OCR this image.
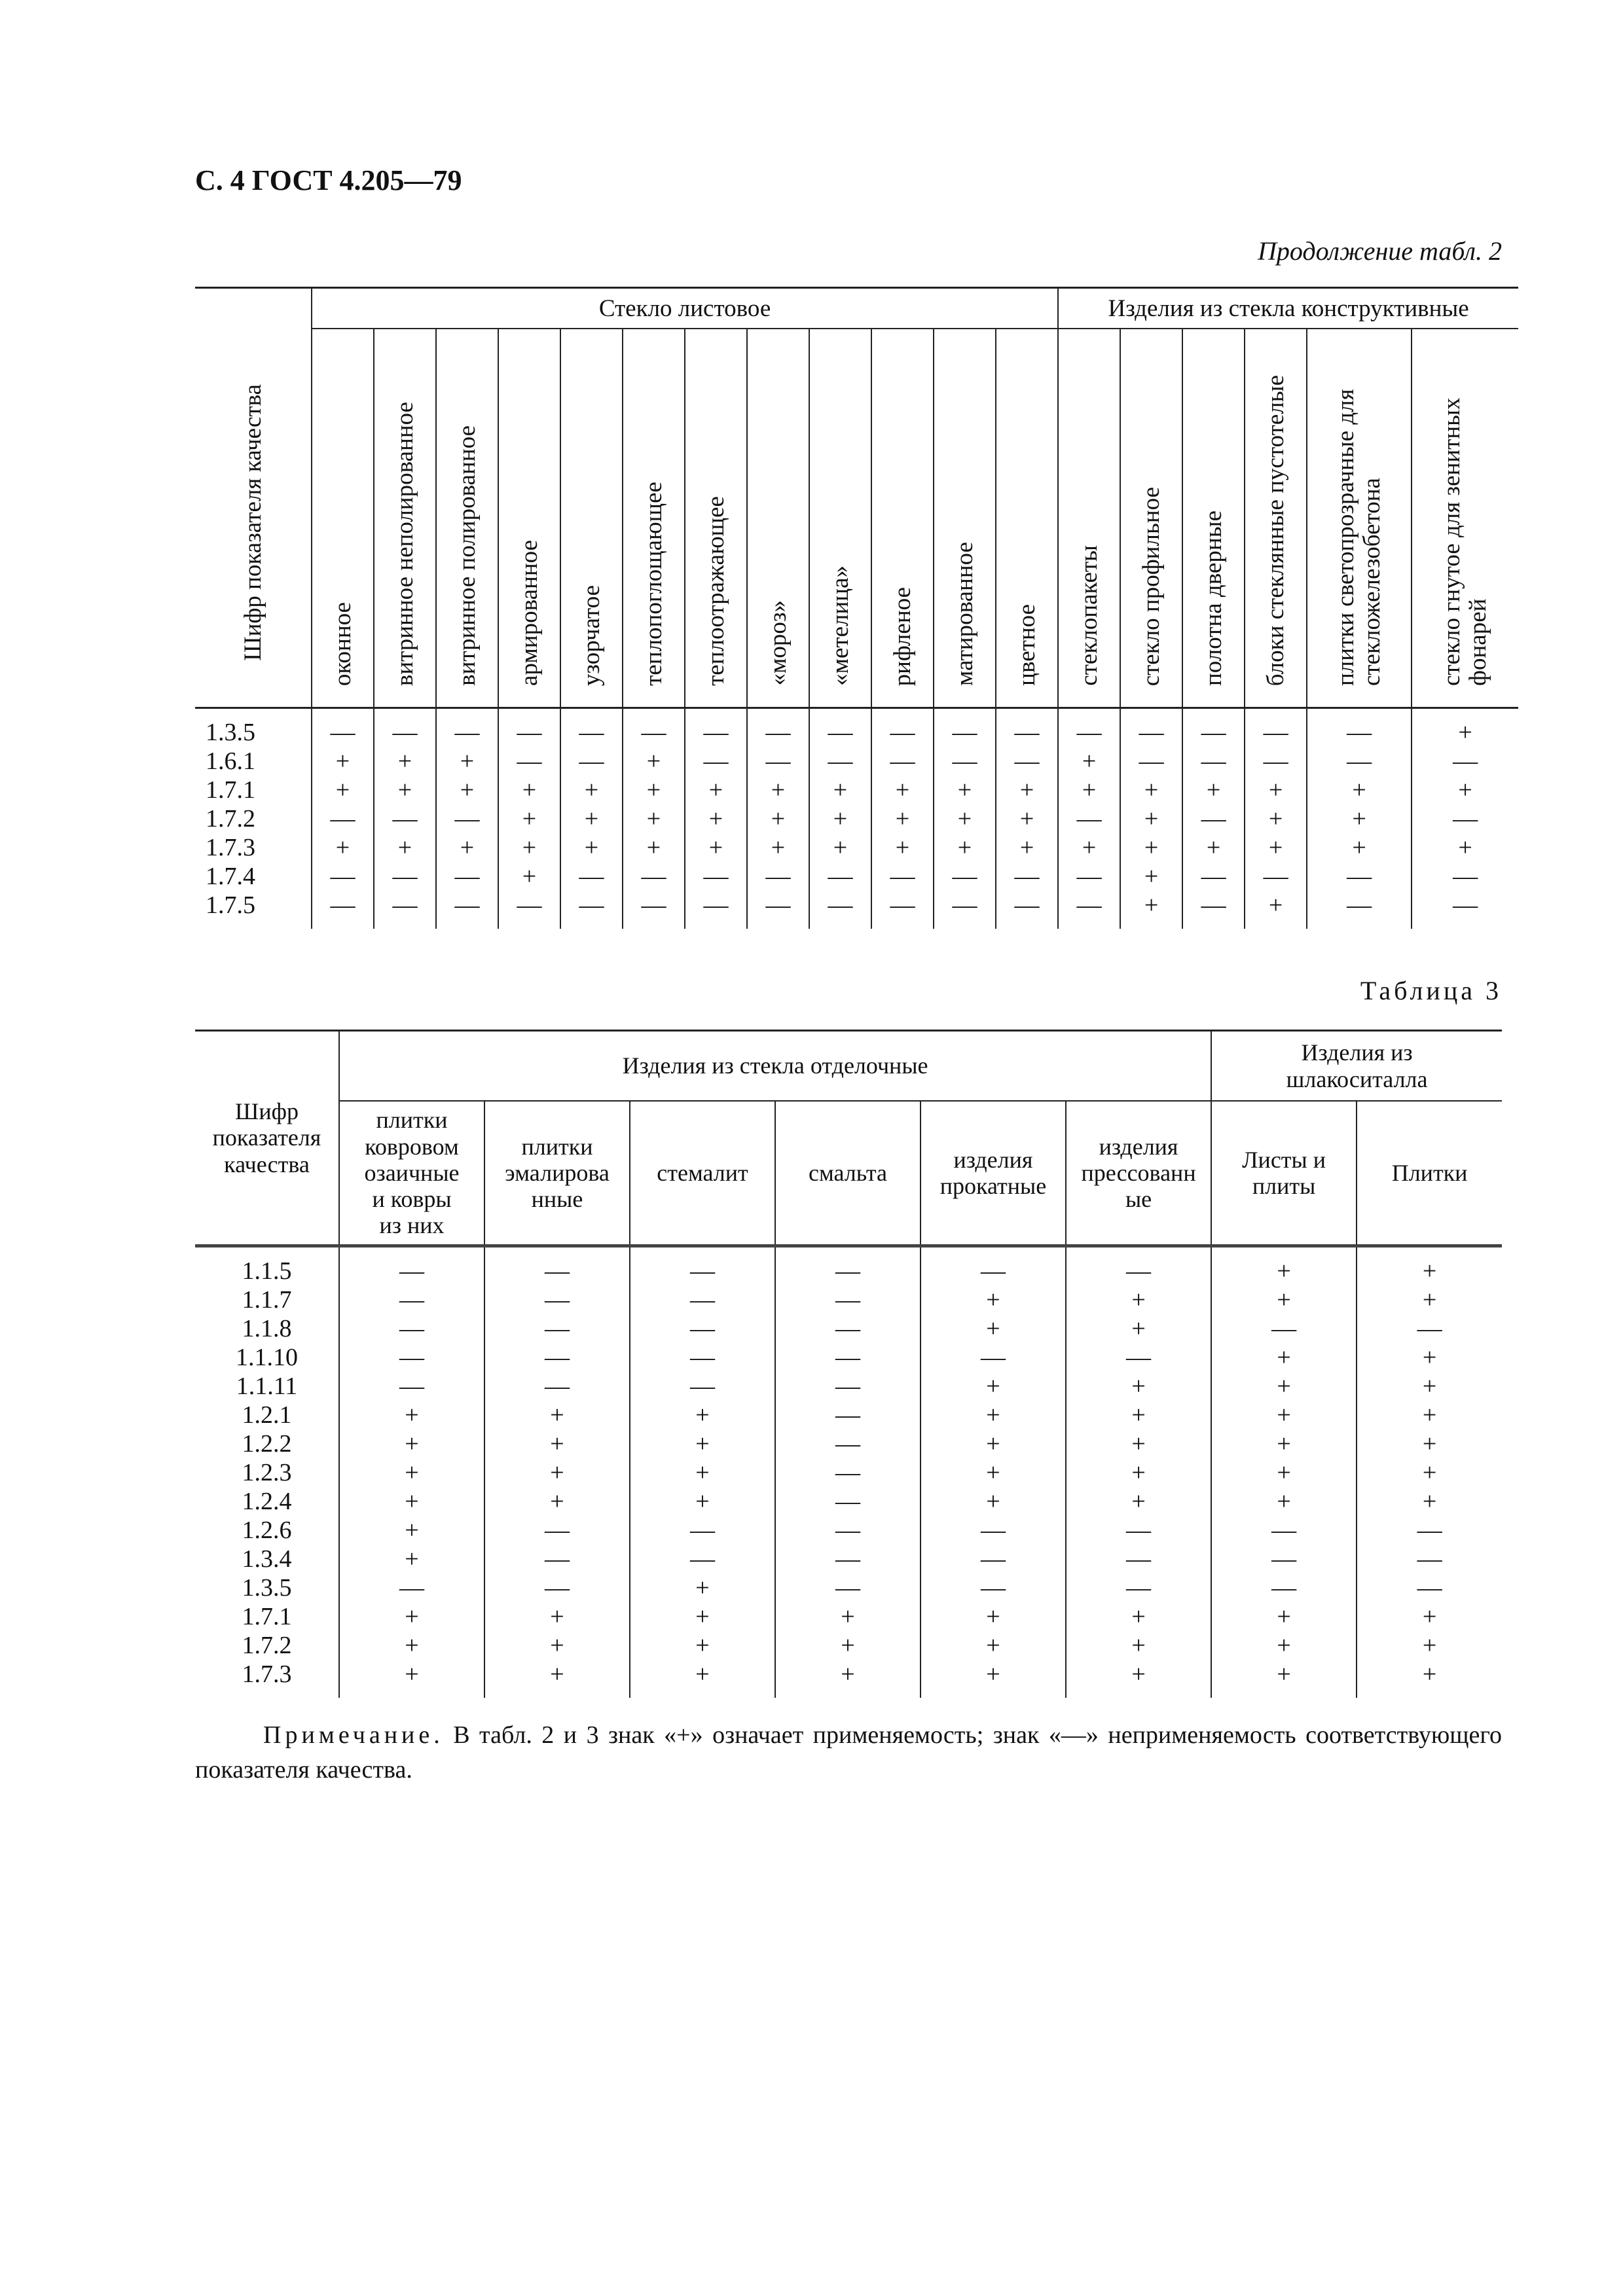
С. 4 ГОСТ 4.205—79
Продолжение табл. 2
Шифр показателя качества	Стекло листовое												Изделия из стекла конструктивные					
	оконное	витринное неполированное	витринное полированное	армированное	узорчатое	теплопоглощающее	теплоотражающее	«мороз»	«метелица»	рифленое	матированное	цветное	стеклопакеты	стекло профильное	полотна дверные	блоки стеклянные пустотелые	плитки светопрозрачные для стекложелезобетона	стекло гнутое для зенитных фонарей
1.3.5	—	—	—	—	—	—	—	—	—	—	—	—	—	—	—	—	—	+
1.6.1	+	+	+	—	—	+	—	—	—	—	—	—	+	—	—	—	—	—
1.7.1	+	+	+	+	+	+	+	+	+	+	+	+	+	+	+	+	+	+
1.7.2	—	—	—	+	+	+	+	+	+	+	+	+	—	+	—	+	+	—
1.7.3	+	+	+	+	+	+	+	+	+	+	+	+	+	+	+	+	+	+
1.7.4	—	—	—	+	—	—	—	—	—	—	—	—	—	+	—	—	—	—
1.7.5	—	—	—	—	—	—	—	—	—	—	—	—	—	+	—	+	—	—
Таблица 3
Шифр показателя качества	Изделия из стекла отделочные						Изделия из шлакоситалла	
	плитки ковровомозаичные и ковры из них	плитки эмалированные	стемалит	смальта	изделия прокатные	изделия прессованные	Листы и плиты	Плитки
1.1.5	—	—	—	—	—	—	+	+
1.1.7	—	—	—	—	+	+	+	+
1.1.8	—	—	—	—	+	+	—	—
1.1.10	—	—	—	—	—	—	+	+
1.1.11	—	—	—	—	+	+	+	+
1.2.1	+	+	+	—	+	+	+	+
1.2.2	+	+	+	—	+	+	+	+
1.2.3	+	+	+	—	+	+	+	+
1.2.4	+	+	+	—	+	+	+	+
1.2.6	+	—	—	—	—	—	—	—
1.3.4	+	—	—	—	—	—	—	—
1.3.5	—	—	+	—	—	—	—	—
1.7.1	+	+	+	+	+	+	+	+
1.7.2	+	+	+	+	+	+	+	+
1.7.3	+	+	+	+	+	+	+	+
Примечание. В табл. 2 и 3 знак «+» означает применяемость; знак «—» неприменяемость соответствующего показателя качества.
